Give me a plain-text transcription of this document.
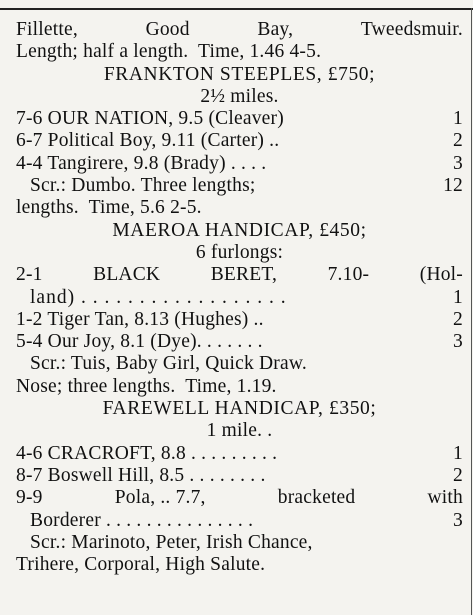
Fillette,	Good	Bay,	Tweedsmuir.
Length; half a length.  Time, 1.46 4-5.
FRANKTON STEEPLES, £750;
2½ miles.
7-6 OUR NATION, 9.5 (Cleaver)	1
6-7 Political Boy, 9.11 (Carter) ..	2
4-4 Tangirere, 9.8 (Brady) . . . .	3
Scr.: Dumbo. Three lengths;	12
lengths.  Time, 5.6 2-5.
MAEROA HANDICAP, £450;
6 furlongs:
2-1	BLACK	BERET,	7.10-	(Hol-
land) . . . . . . . . . . . . . . . . . .	1
1-2 Tiger Tan, 8.13 (Hughes) ..	2
5-4 Our Joy, 8.1 (Dye). . . . . . .	3
Scr.: Tuis, Baby Girl, Quick Draw.
Nose; three lengths.  Time, 1.19.
FAREWELL HANDICAP, £350;
1 mile. .
4-6 CRACROFT, 8.8 . . . . . . . . .	1
8-7 Boswell Hill, 8.5 . . . . . . . .	2
9-9	Pola, .. 7.7,	bracketed	with
Borderer . . . . . . . . . . . . . . .	3
Scr.: Marinoto, Peter, Irish Chance,
Trihere, Corporal, High Salute.
